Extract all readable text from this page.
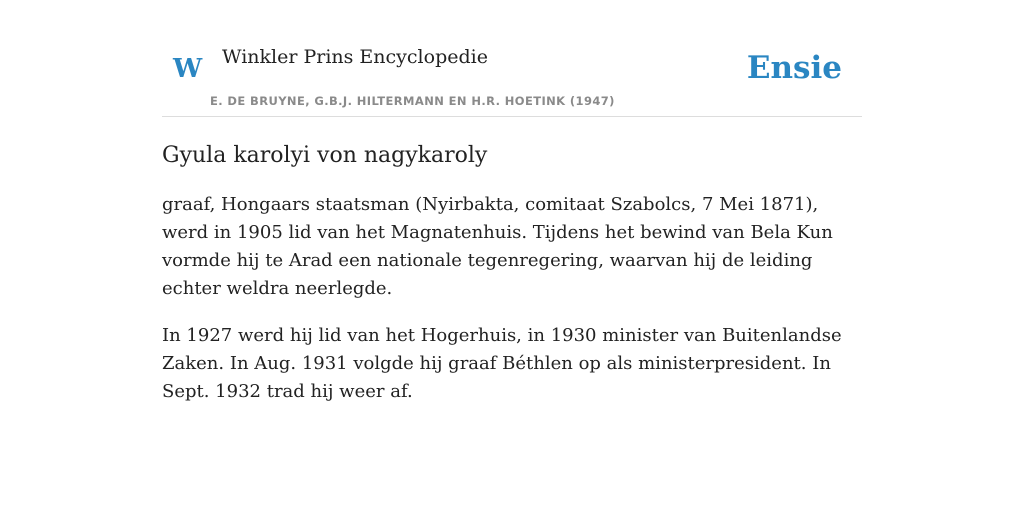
W Winkler Prins Encyclopedie
E. DE BRUYNE, G.B.J. HILTERMANN EN H.R. HOETINK (1947)
Ensie
Gyula karolyi von nagykaroly

graaf, Hongaars staatsman (Nyirbakta, comitaat Szabolcs, 7 Mei 1871), werd in 1905 lid van het Magnatenhuis. Tijdens het bewind van Bela Kun vormde hij te Arad een nationale tegenregering, waarvan hij de leiding echter weldra neerlegde.

In 1927 werd hij lid van het Hogerhuis, in 1930 minister van Buitenlandse Zaken. In Aug. 1931 volgde hij graaf Béthlen op als ministerpresident. In Sept. 1932 trad hij weer af.
